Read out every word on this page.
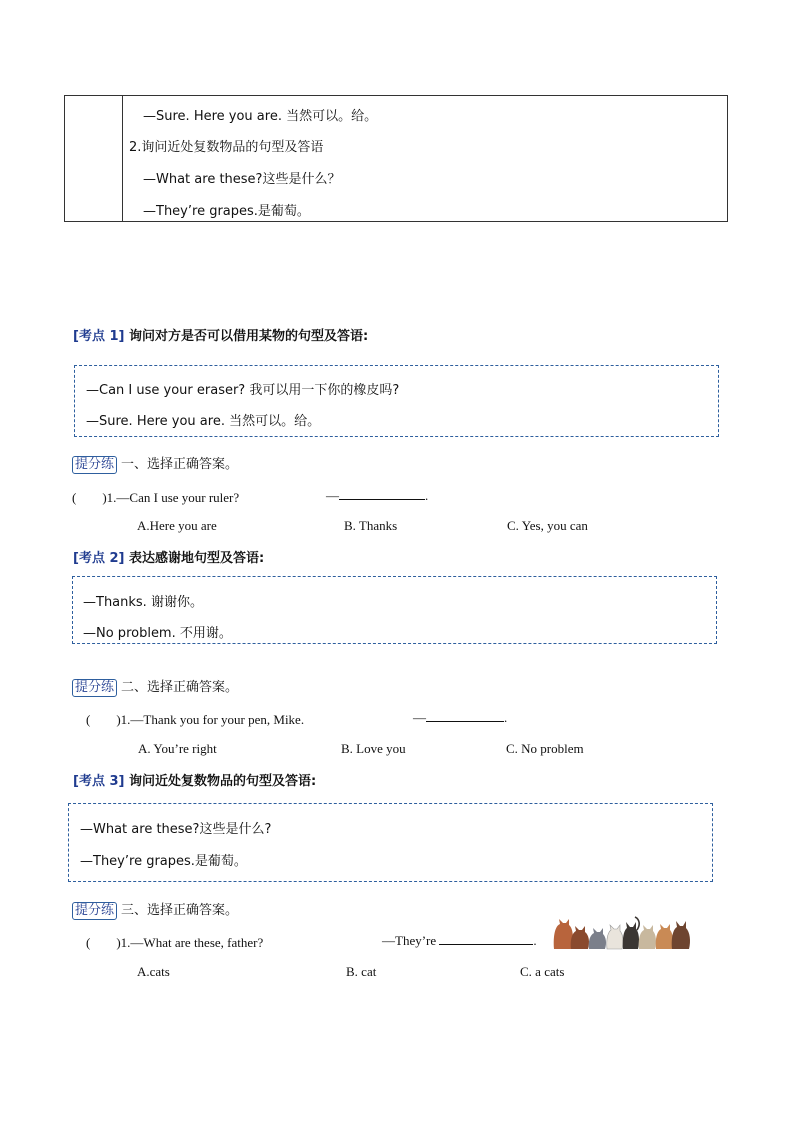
—Sure. Here you are. 当然可以。给。
2.询问近处复数物品的句型及答语
—What are these?这些是什么？
—They’re grapes.是葡萄。
[考点 1] 询问对方是否可以借用某物的句型及答语:
—Can I use your eraser? 我可以用一下你的橡皮吗?
—Sure. Here you are. 当然可以。给。
提分练 一、选择正确答案。
(　　)1.—Can I use your ruler?	—	.
A.Here you are	B. Thanks	C. Yes, you can
[考点 2] 表达感谢地句型及答语:
—Thanks. 谢谢你。
—No problem. 不用谢。
提分练 二、选择正确答案。
(　　)1.—Thank you for your pen, Mike.	—	.
A. You’re right	B. Love you	C. No problem
[考点 3] 询问近处复数物品的句型及答语:
—What are these?这些是什么?
—They’re grapes.是葡萄。
提分练 三、选择正确答案。
(　　)1.—What are these, father?	—They’re	.
A.cats	B. cat	C. a cats
